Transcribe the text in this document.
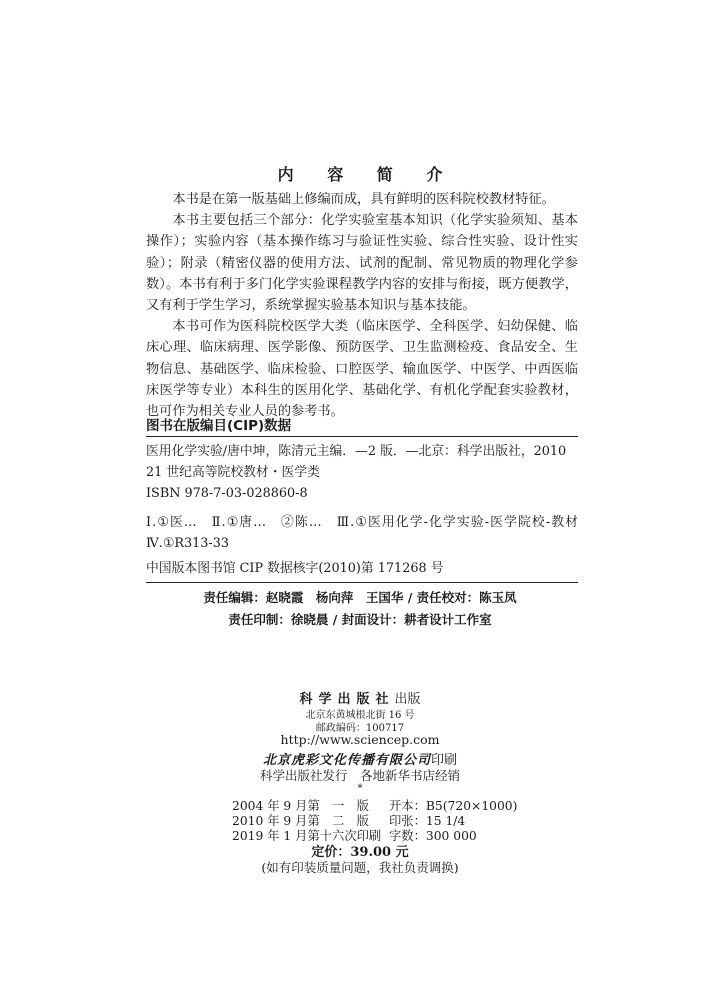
内 容 简 介

本书是在第一版基础上修编而成，具有鲜明的医科院校教材特征。

本书主要包括三个部分：化学实验室基本知识（化学实验须知、基本操作）；实验内容（基本操作练习与验证性实验、综合性实验、设计性实验）；附录（精密仪器的使用方法、试剂的配制、常见物质的物理化学参数）。本书有利于多门化学实验课程教学内容的安排与衔接，既方便教学，又有利于学生学习，系统掌握实验基本知识与基本技能。

本书可作为医科院校医学大类（临床医学、全科医学、妇幼保健、临床心理、临床病理、医学影像、预防医学、卫生监测检疫、食品安全、生物信息、基础医学、临床检验、口腔医学、输血医学、中医学、中西医临床医学等专业）本科生的医用化学、基础化学、有机化学配套实验教材，也可作为相关专业人员的参考书。

图书在版编目(CIP)数据
医用化学实验/唐中坤，陈清元主编．—2 版．—北京：科学出版社，2010
21 世纪高等院校教材・医学类
ISBN 978-7-03-028860-8
Ⅰ.①医…　Ⅱ.①唐…　②陈…　Ⅲ.①医用化学-化学实验-医学院校-教材　Ⅳ.①R313-33
中国版本图书馆 CIP 数据核字(2010)第 171268 号
责任编辑：赵晓霞　杨向萍　王国华 / 责任校对：陈玉凤
责任印制：徐晓晨 / 封面设计：耕者设计工作室
科学出版社出版
北京东黄城根北街 16 号
邮政编码：100717
http://www.sciencep.com
北京虎彩文化传播有限公司印刷
科学出版社发行　各地新华书店经销
*
2004 年 9 月第　一　版 开本：B5(720×1000)
2010 年 9 月第　二　版 印张：15 1/4
2019 年 1 月第十六次印刷 字数：300 000
定价：39.00 元
(如有印装质量问题，我社负责调换)
